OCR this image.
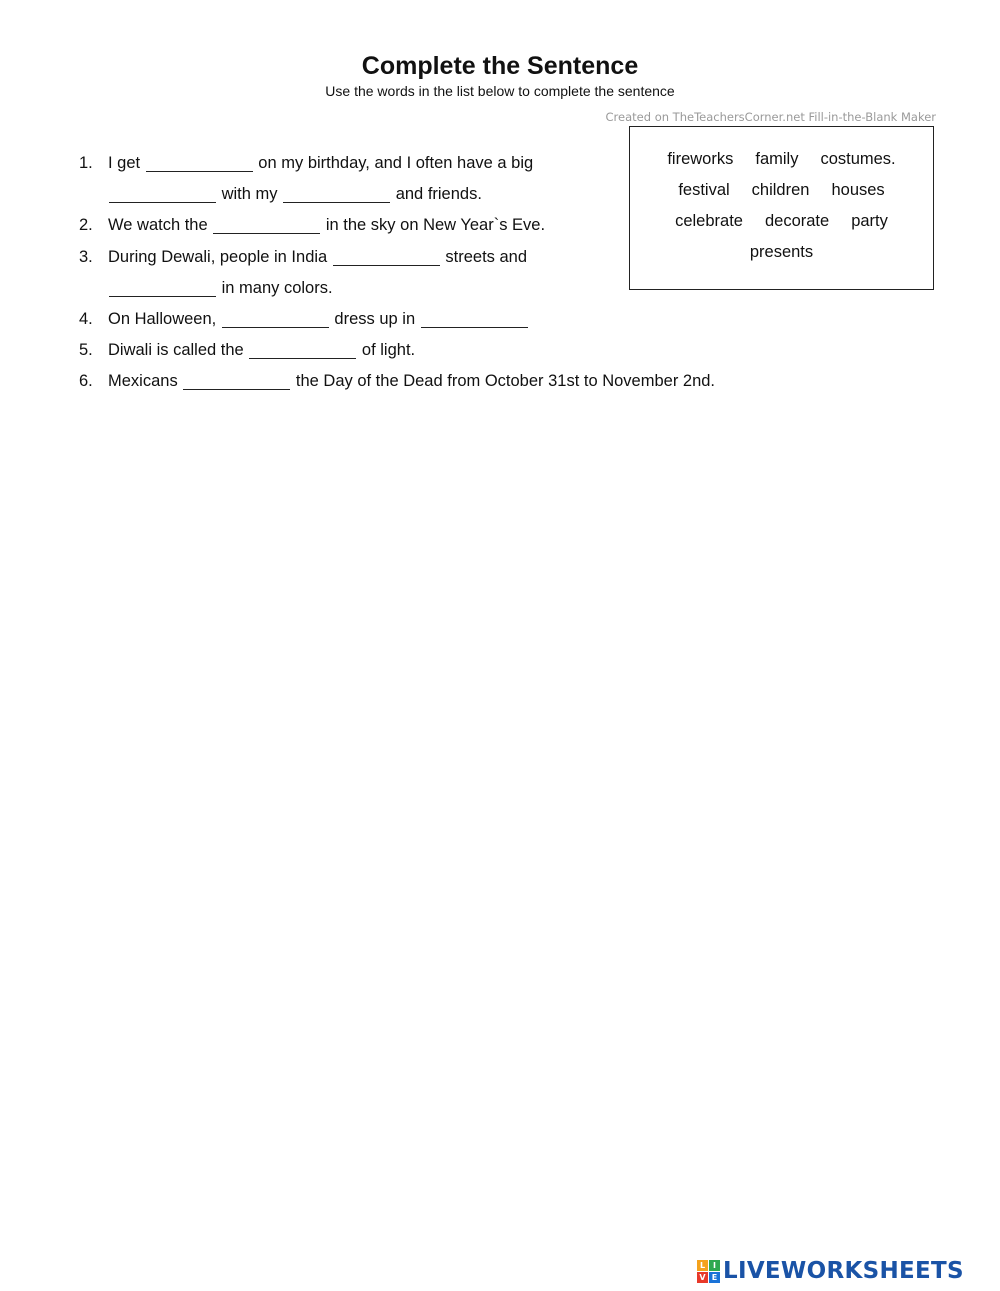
Complete the Sentence
Use the words in the list below to complete the sentence
Created on TheTeachersCorner.net Fill-in-the-Blank Maker
1. I get	on my birthday, and I often have a big
with my	and friends.
2. We watch the	in the sky on New Year`s Eve.
3. During Dewali, people in India	streets and
in many colors.
4. On Halloween,	dress up in
5. Diwali is called the	of light.
6. Mexicans	the Day of the Dead from October 31st to November 2nd.
fireworks family costumes.
festival children houses
celebrate decorate party
presents
L I
V E LIVEWORKSHEETS
